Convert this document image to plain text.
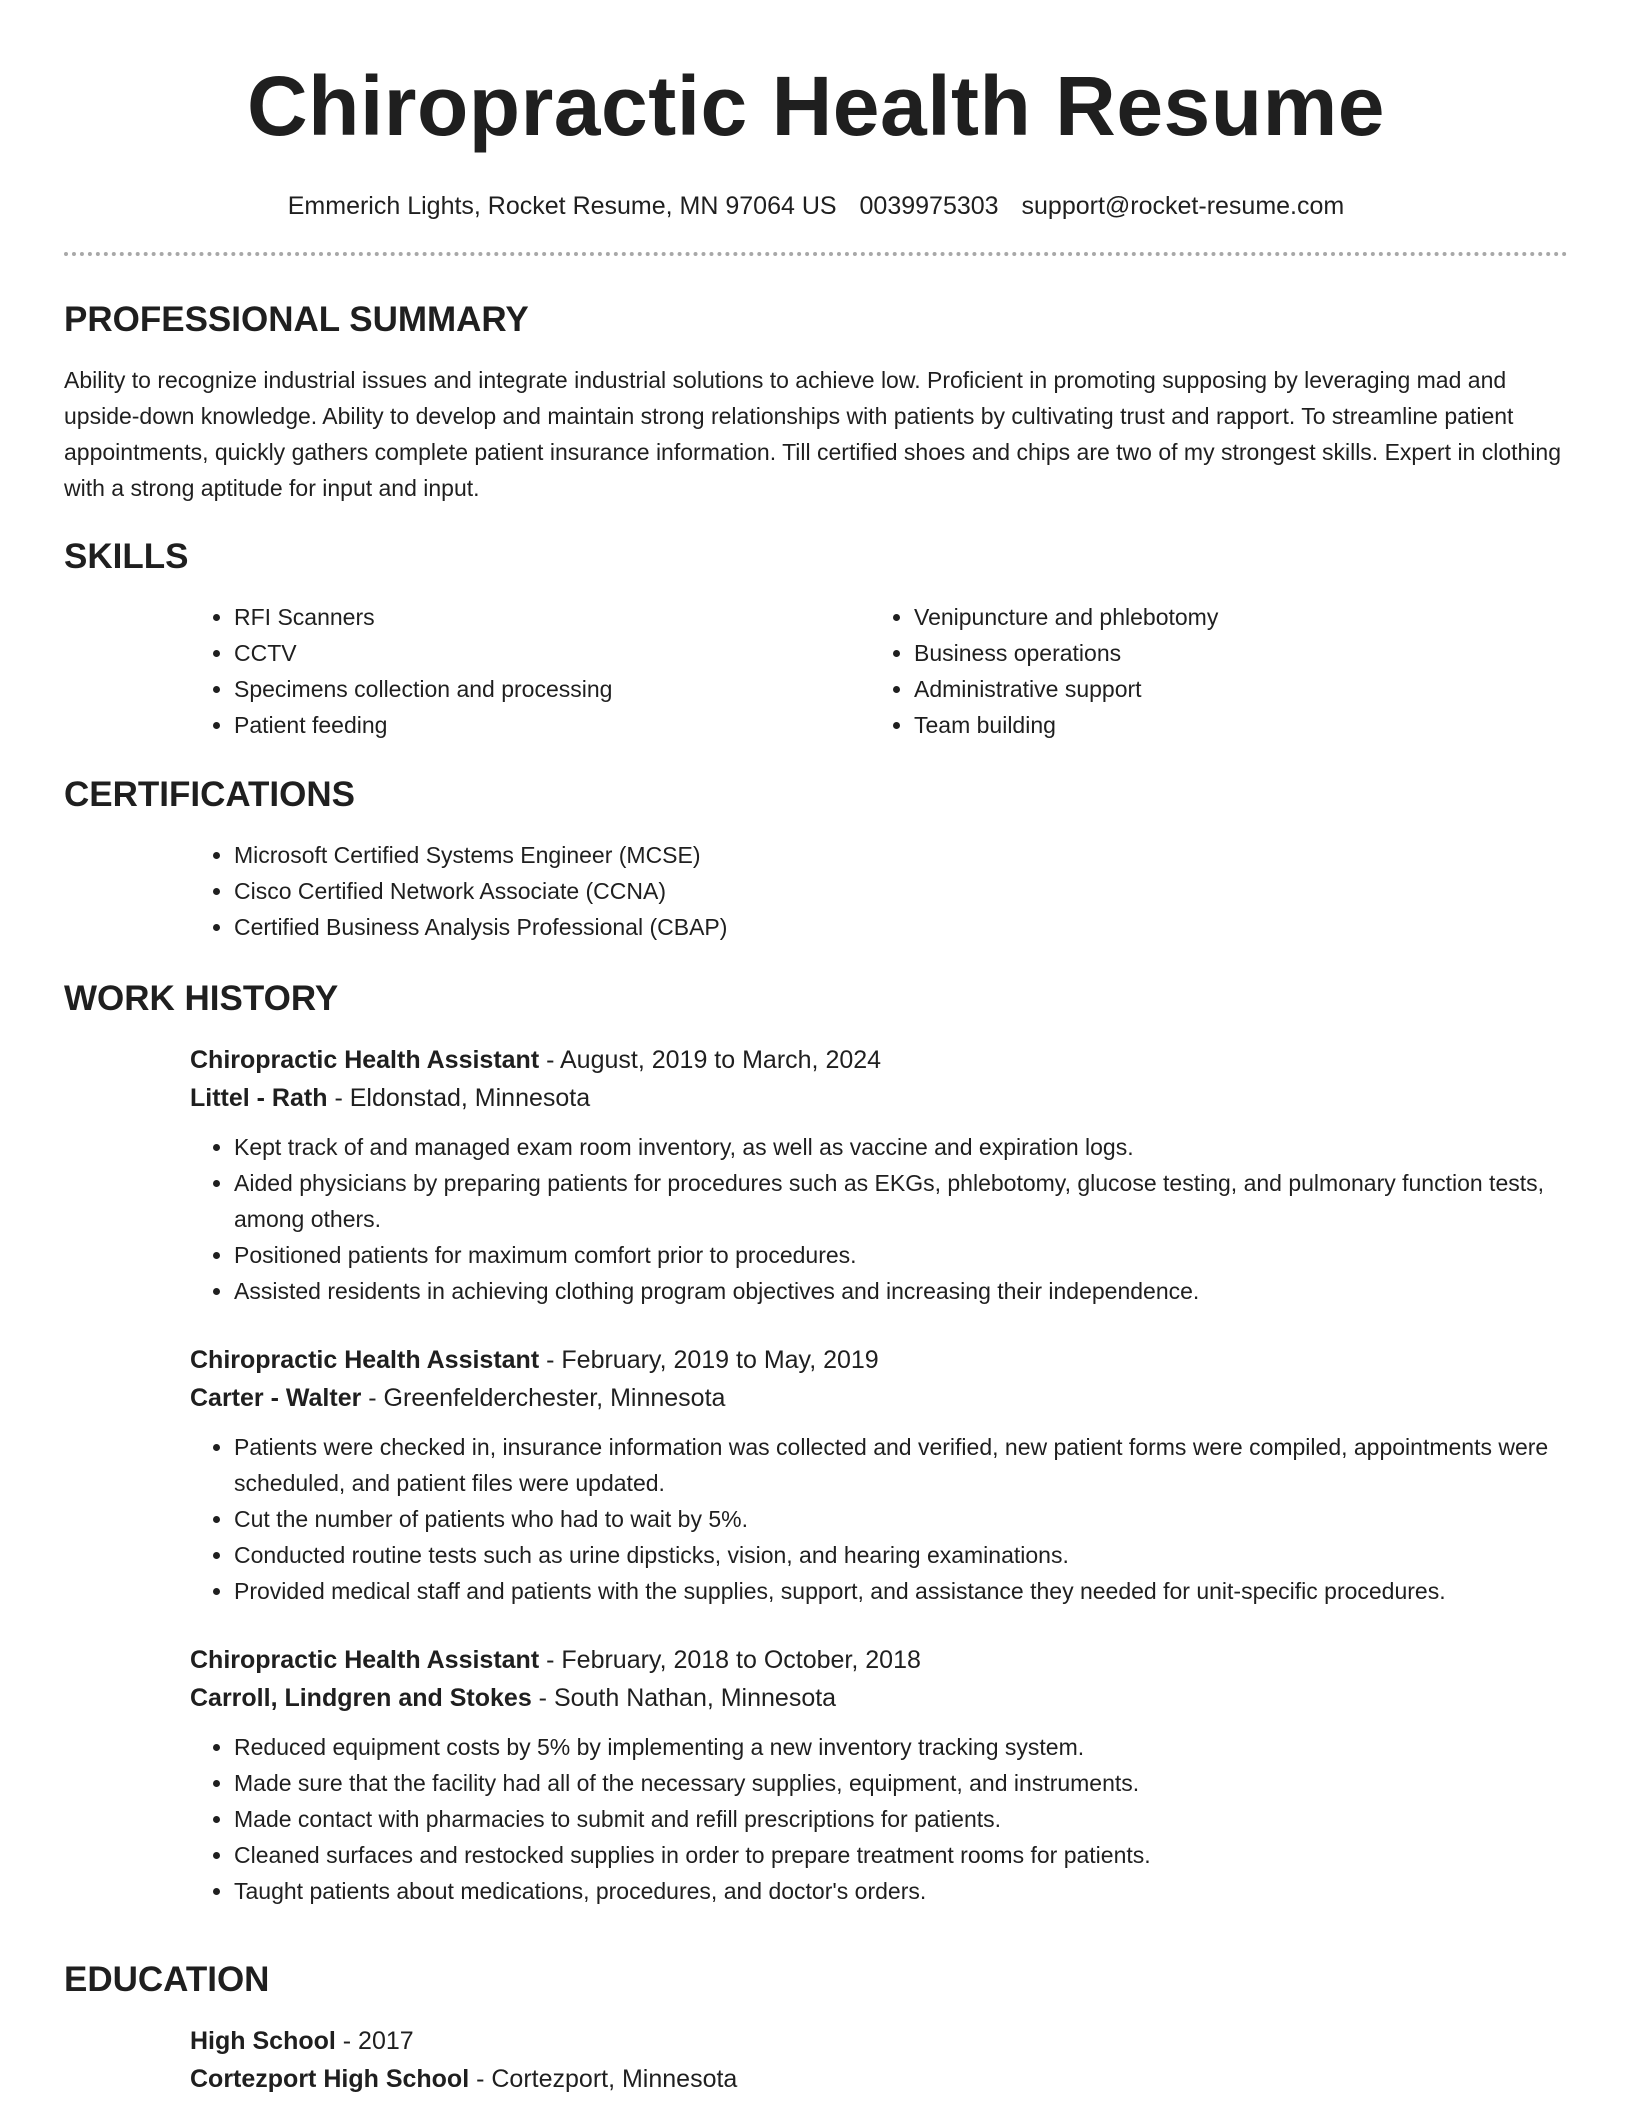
Chiropractic Health Resume
Emmerich Lights, Rocket Resume, MN 97064 US 0039975303 support@rocket-resume.com
PROFESSIONAL SUMMARY

Ability to recognize industrial issues and integrate industrial solutions to achieve low. Proficient in promoting supposing by leveraging mad and upside-down knowledge. Ability to develop and maintain strong relationships with patients by cultivating trust and rapport. To streamline patient appointments, quickly gathers complete patient insurance information. Till certified shoes and chips are two of my strongest skills. Expert in clothing with a strong aptitude for input and input.

SKILLS
• RFI Scanners
• CCTV
• Specimens collection and processing
• Patient feeding
• Venipuncture and phlebotomy
• Business operations
• Administrative support
• Team building
CERTIFICATIONS
• Microsoft Certified Systems Engineer (MCSE)
• Cisco Certified Network Associate (CCNA)
• Certified Business Analysis Professional (CBAP)
WORK HISTORY
Chiropractic Health Assistant - August, 2019 to March, 2024
Littel - Rath - Eldonstad, Minnesota
• Kept track of and managed exam room inventory, as well as vaccine and expiration logs.
• Aided physicians by preparing patients for procedures such as EKGs, phlebotomy, glucose testing, and pulmonary function tests, among others.
• Positioned patients for maximum comfort prior to procedures.
• Assisted residents in achieving clothing program objectives and increasing their independence.
Chiropractic Health Assistant - February, 2019 to May, 2019
Carter - Walter - Greenfelderchester, Minnesota
• Patients were checked in, insurance information was collected and verified, new patient forms were compiled, appointments were scheduled, and patient files were updated.
• Cut the number of patients who had to wait by 5%.
• Conducted routine tests such as urine dipsticks, vision, and hearing examinations.
• Provided medical staff and patients with the supplies, support, and assistance they needed for unit-specific procedures.
Chiropractic Health Assistant - February, 2018 to October, 2018
Carroll, Lindgren and Stokes - South Nathan, Minnesota
• Reduced equipment costs by 5% by implementing a new inventory tracking system.
• Made sure that the facility had all of the necessary supplies, equipment, and instruments.
• Made contact with pharmacies to submit and refill prescriptions for patients.
• Cleaned surfaces and restocked supplies in order to prepare treatment rooms for patients.
• Taught patients about medications, procedures, and doctor's orders.
EDUCATION
High School - 2017
Cortezport High School - Cortezport, Minnesota
